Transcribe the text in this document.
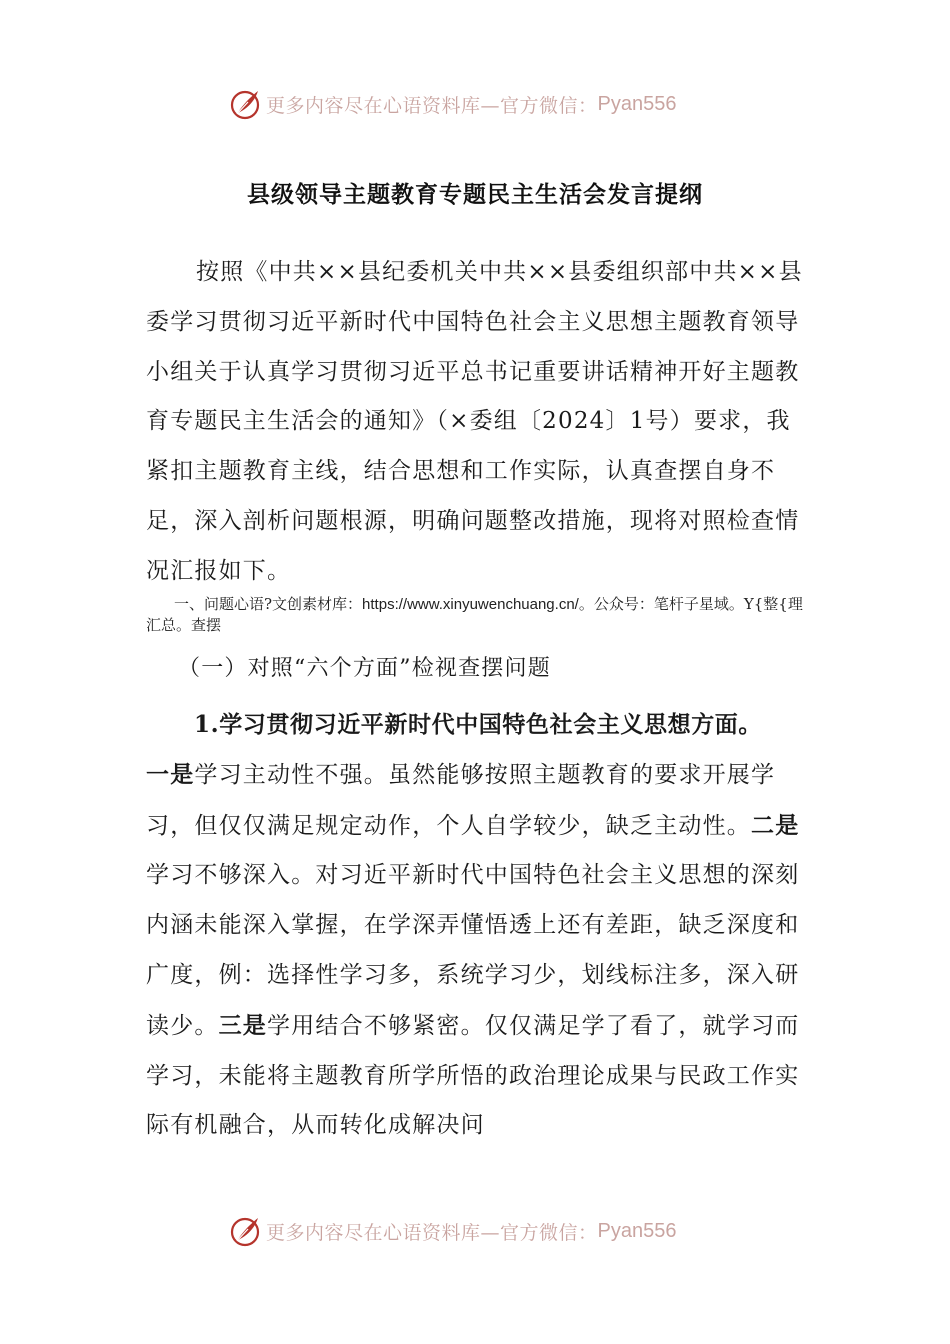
更多内容尽在心语资料库—官方微信： Pyan556
县级领导主题教育专题民主生活会发言提纲
按照《中共××县纪委机关中共××县委组织部中共××县委学习贯彻习近平新时代中国特色社会主义思想主题教育领导小组关于认真学习贯彻习近平总书记重要讲话精神开好主题教育专题民主生活会的通知》（×委组〔2024〕1号）要求，我紧扣主题教育主线，结合思想和工作实际，认真查摆自身不足，深入剖析问题根源，明确问题整改措施，现将对照检查情况汇报如下。
一、问题心语?文创素材库：https://www.xinyuwenchuang.cn/。公众号：笔杆子星域。Y{整{理汇总。查摆
（一）对照“六个方面”检视查摆问题
1.学习贯彻习近平新时代中国特色社会主义思想方面。
一是学习主动性不强。虽然能够按照主题教育的要求开展学习，但仅仅满足规定动作，个人自学较少，缺乏主动性。二是学习不够深入。对习近平新时代中国特色社会主义思想的深刻内涵未能深入掌握，在学深弄懂悟透上还有差距，缺乏深度和广度，例：选择性学习多，系统学习少，划线标注多，深入研读少。三是学用结合不够紧密。仅仅满足学了看了，就学习而学习，未能将主题教育所学所悟的政治理论成果与民政工作实际有机融合，从而转化成解决问
更多内容尽在心语资料库—官方微信： Pyan556
